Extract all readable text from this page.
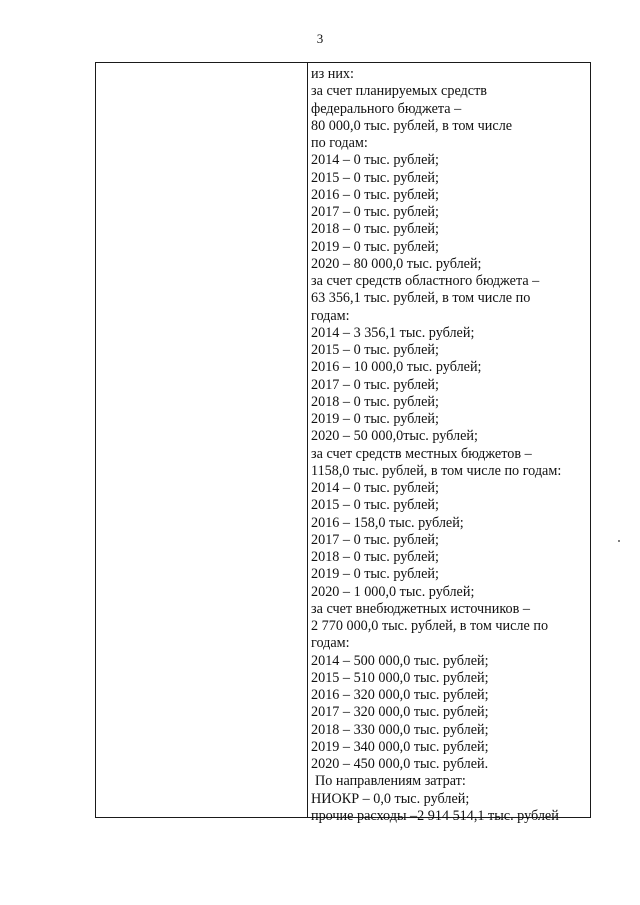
3
из них:
за счет планируемых средств
федерального бюджета –
80 000,0 тыс. рублей, в том числе
по годам:
2014 – 0 тыс. рублей;
2015 – 0 тыс. рублей;
2016 – 0 тыс. рублей;
2017 – 0 тыс. рублей;
2018 – 0 тыс. рублей;
2019 – 0 тыс. рублей;
2020 – 80 000,0 тыс. рублей;
за счет средств областного бюджета –
63 356,1 тыс. рублей, в том числе по
годам:
2014 – 3 356,1 тыс. рублей;
2015 – 0 тыс. рублей;
2016 – 10 000,0 тыс. рублей;
2017 – 0 тыс. рублей;
2018 – 0 тыс. рублей;
2019 – 0 тыс. рублей;
2020 – 50 000,0тыс. рублей;
за счет средств местных бюджетов –
1158,0 тыс. рублей, в том числе по годам:
2014 – 0 тыс. рублей;
2015 – 0 тыс. рублей;
2016 – 158,0 тыс. рублей;
2017 – 0 тыс. рублей;
2018 – 0 тыс. рублей;
2019 – 0 тыс. рублей;
2020 – 1 000,0 тыс. рублей;
за счет внебюджетных источников –
2 770 000,0 тыс. рублей, в том числе по
годам:
2014 – 500 000,0 тыс. рублей;
2015 – 510 000,0 тыс. рублей;
2016 – 320 000,0 тыс. рублей;
2017 – 320 000,0 тыс. рублей;
2018 – 330 000,0 тыс. рублей;
2019 – 340 000,0 тыс. рублей;
2020 – 450 000,0 тыс. рублей.
По направлениям затрат:
НИОКР – 0,0 тыс. рублей;
прочие расходы –2 914 514,1 тыс. рублей
